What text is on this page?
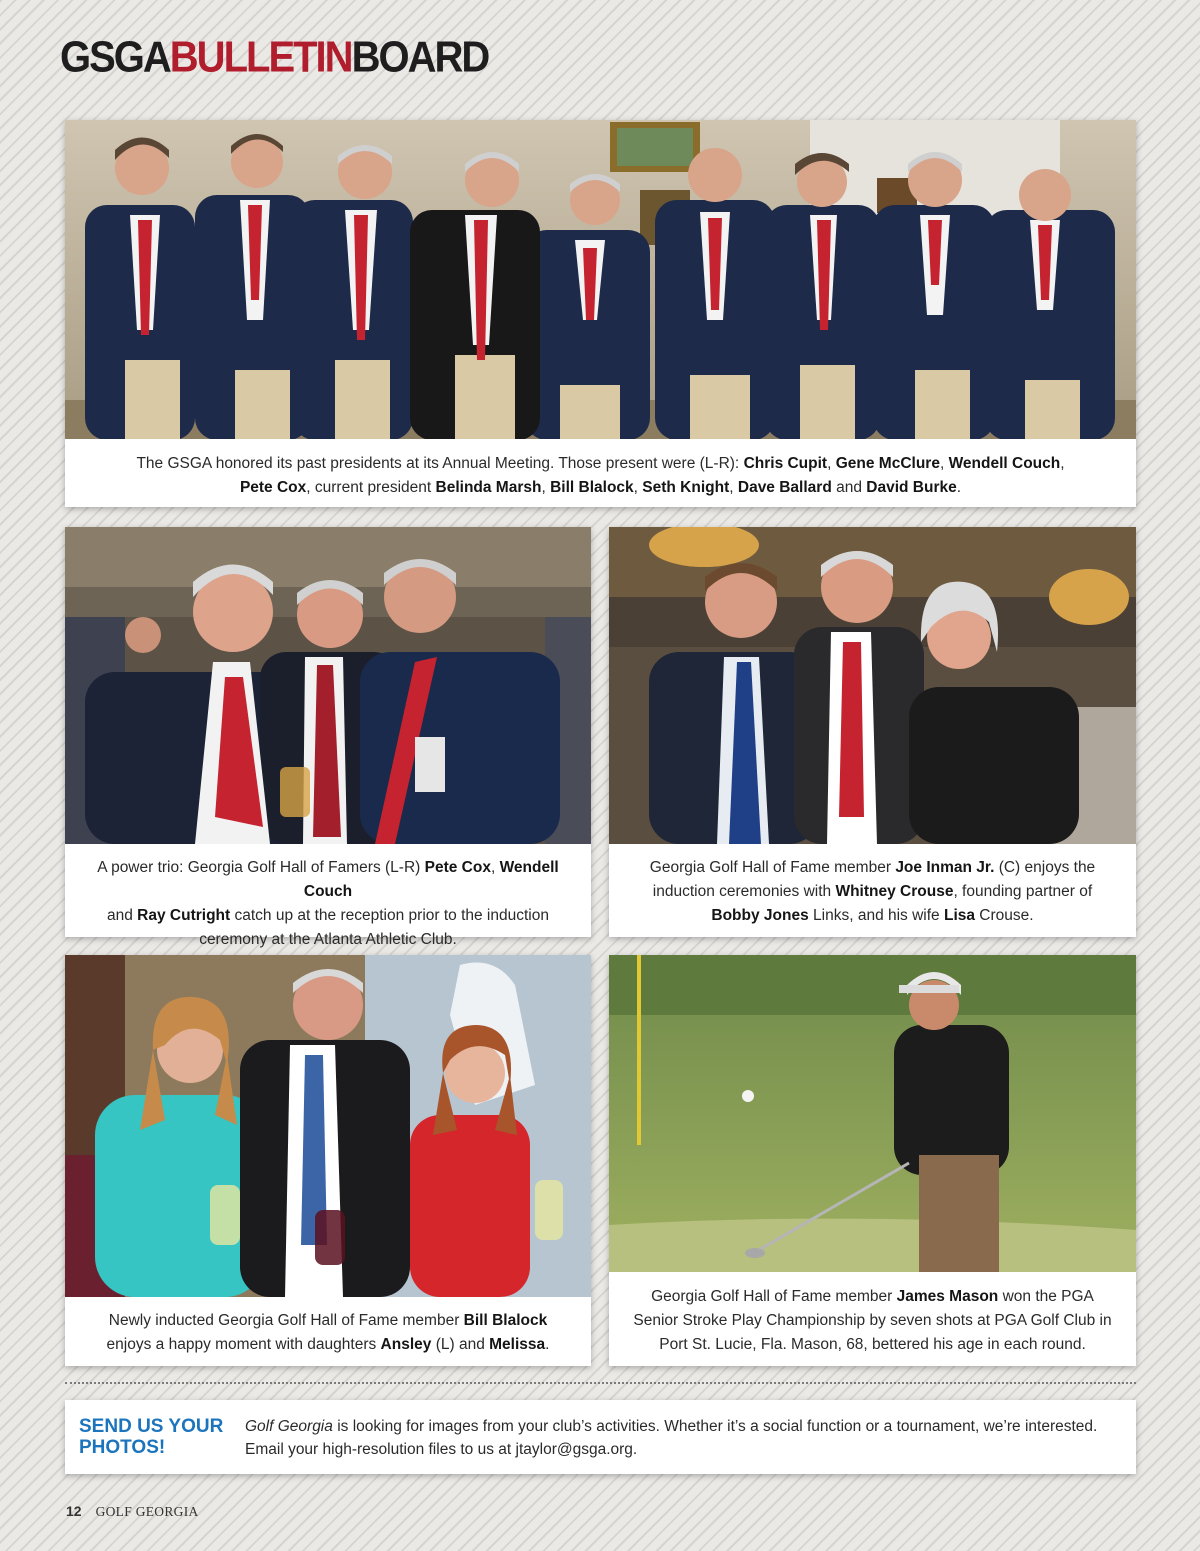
GSGABULLETINBOARD
The GSGA honored its past presidents at its Annual Meeting. Those present were (L-R): Chris Cupit, Gene McClure, Wendell Couch,
Pete Cox, current president Belinda Marsh, Bill Blalock, Seth Knight, Dave Ballard and David Burke.
A power trio: Georgia Golf Hall of Famers (L-R) Pete Cox, Wendell Couch
and Ray Cutright catch up at the reception prior to the induction
ceremony at the Atlanta Athletic Club.
Georgia Golf Hall of Fame member Joe Inman Jr. (C) enjoys the
induction ceremonies with Whitney Crouse, founding partner of
Bobby Jones Links, and his wife Lisa Crouse.
Newly inducted Georgia Golf Hall of Fame member Bill Blalock
enjoys a happy moment with daughters Ansley (L) and Melissa.
Georgia Golf Hall of Fame member James Mason won the PGA
Senior Stroke Play Championship by seven shots at PGA Golf Club in
Port St. Lucie, Fla. Mason, 68, bettered his age in each round.
SEND US YOUR
PHOTOS!
Golf Georgia is looking for images from your club’s activities. Whether it’s a social function or a tournament, we’re interested.
Email your high-resolution files to us at jtaylor@gsga.org.
12 GOLF GEORGIA
